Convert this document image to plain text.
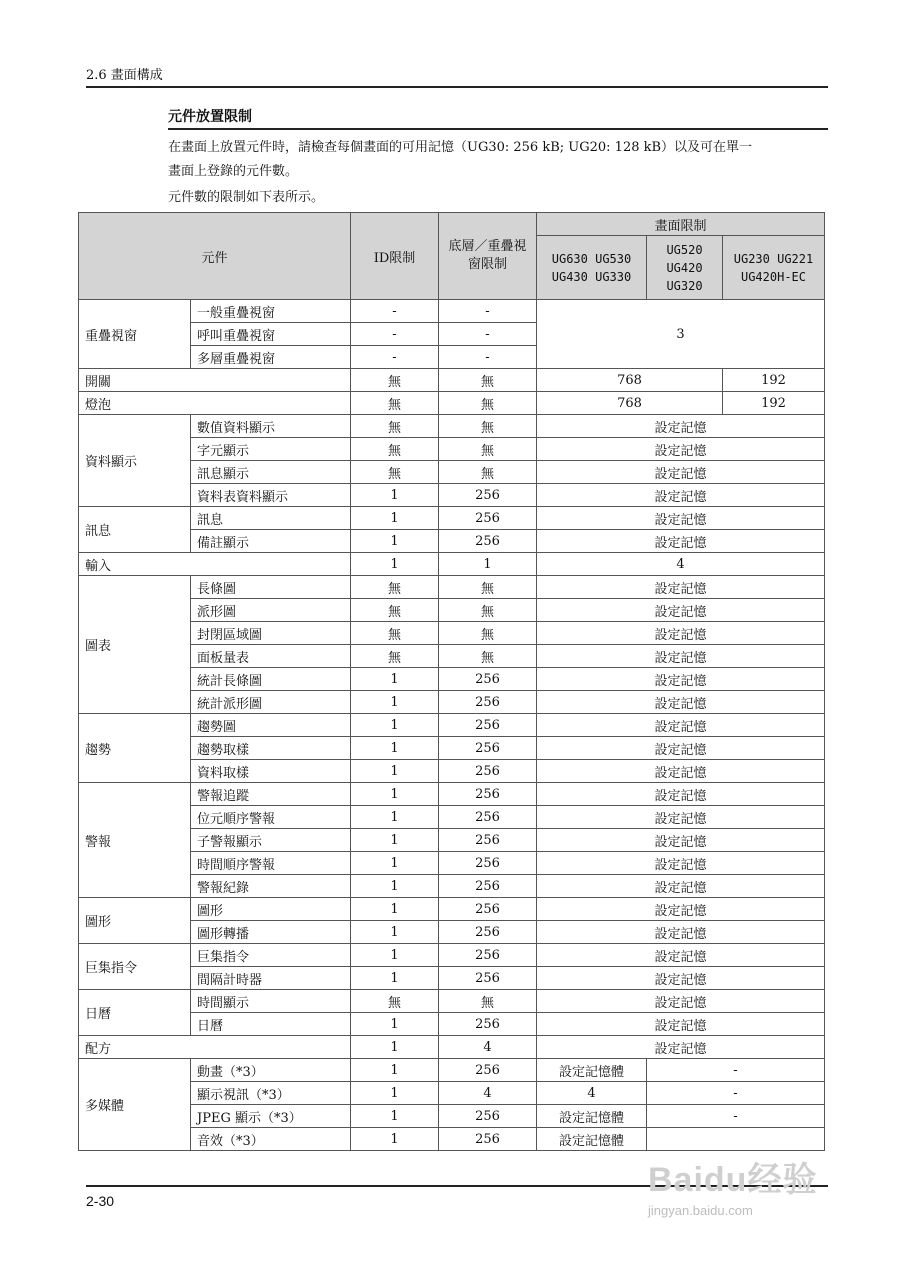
2.6 畫面構成
元件放置限制
在畫面上放置元件時，請檢查每個畫面的可用記憶（UG30: 256 kB; UG20: 128 kB）以及可在單一
畫面上登錄的元件數。
元件數的限制如下表所示。
元件		ID限制	底層／重疊視窗限制	畫面限制		
				UG630 UG530 UG430 UG330	UG520 UG420 UG320	UG230 UG221 UG420H-EC
重疊視窗	一般重疊視窗	-	-	3		
	呼叫重疊視窗	-	-			
	多層重疊視窗	-	-			
開關		無	無	768		192
燈泡		無	無	768		192
資料顯示	數值資料顯示	無	無	設定記憶		
	字元顯示	無	無	設定記憶		
	訊息顯示	無	無	設定記憶		
	資料表資料顯示	1	256	設定記憶		
訊息	訊息	1	256	設定記憶		
	備註顯示	1	256	設定記憶		
輸入		1	1	4		
圖表	長條圖	無	無	設定記憶		
	派形圖	無	無	設定記憶		
	封閉區域圖	無	無	設定記憶		
	面板量表	無	無	設定記憶		
	統計長條圖	1	256	設定記憶		
	統計派形圖	1	256	設定記憶		
趨勢	趨勢圖	1	256	設定記憶		
	趨勢取樣	1	256	設定記憶		
	資料取樣	1	256	設定記憶		
警報	警報追蹤	1	256	設定記憶		
	位元順序警報	1	256	設定記憶		
	子警報顯示	1	256	設定記憶		
	時間順序警報	1	256	設定記憶		
	警報紀錄	1	256	設定記憶		
圖形	圖形	1	256	設定記憶		
	圖形轉播	1	256	設定記憶		
巨集指令	巨集指令	1	256	設定記憶		
	間隔計時器	1	256	設定記憶		
日曆	時間顯示	無	無	設定記憶		
	日曆	1	256	設定記憶		
配方		1	4	設定記憶		
多媒體	動畫（*3）	1	256	設定記憶體	-	
	顯示視訊（*3）	1	4	4	-	
	JPEG 顯示（*3）	1	256	設定記憶體	-	
	音效（*3）	1	256	設定記憶體		
2-30
Baidu经验
jingyan.baidu.com
